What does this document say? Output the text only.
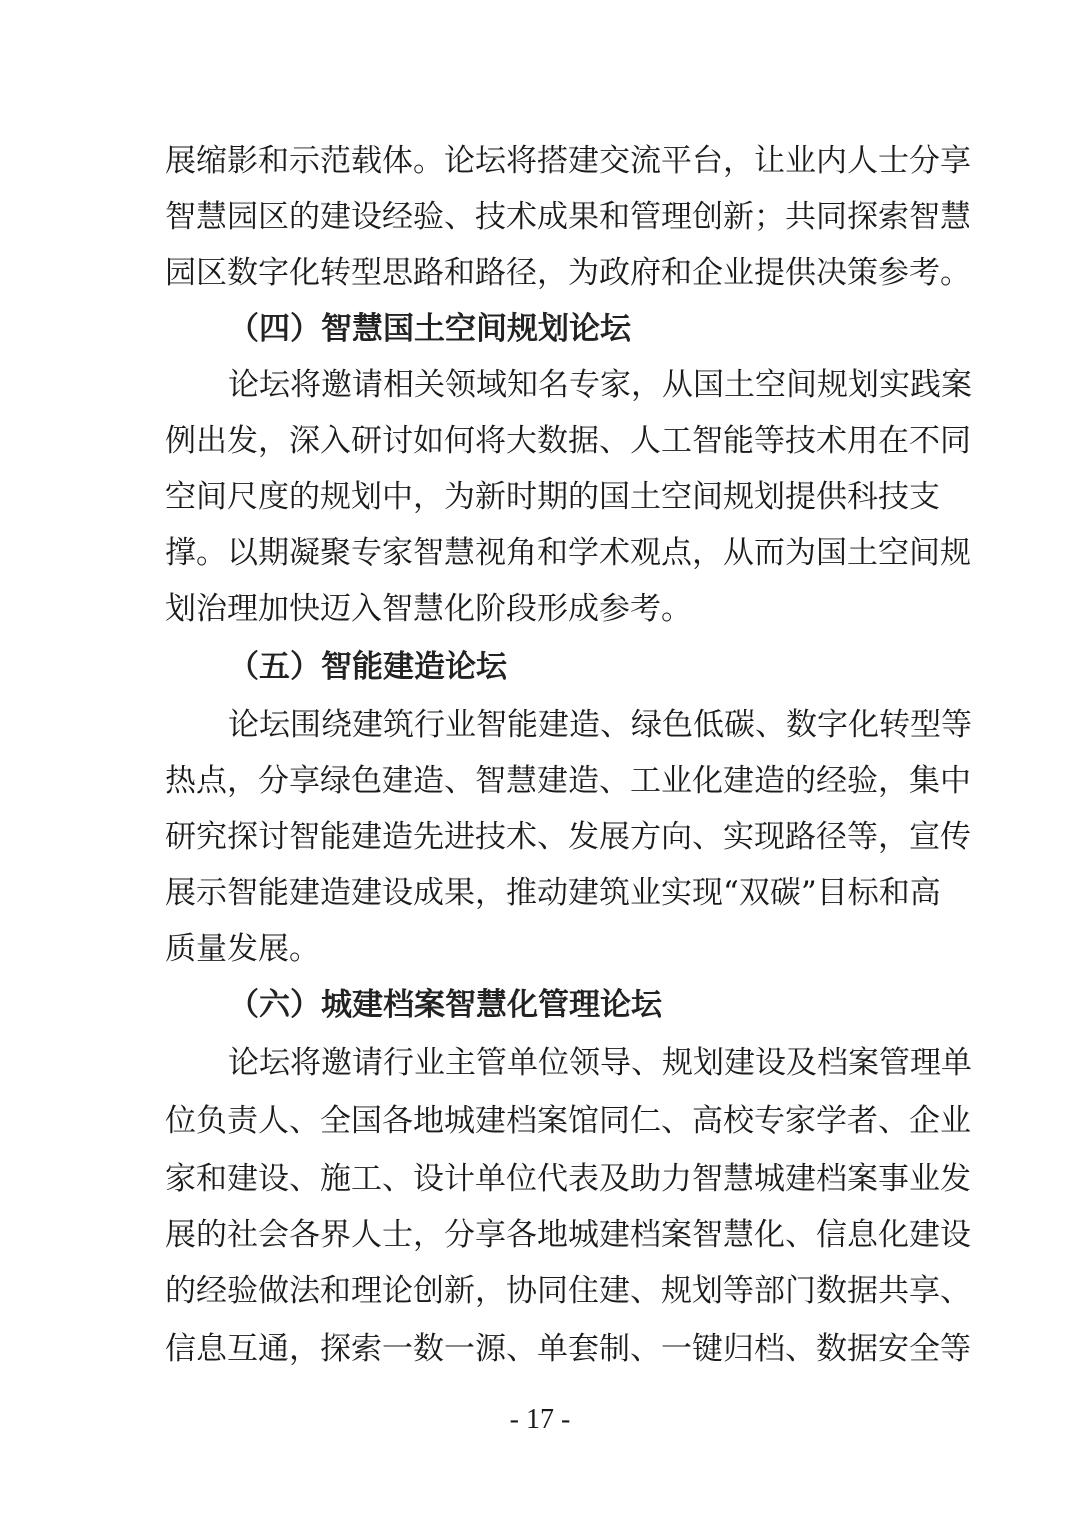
展缩影和示范载体。论坛将搭建交流平台，让业内人士分享
智慧园区的建设经验、技术成果和管理创新；共同探索智慧
园区数字化转型思路和路径，为政府和企业提供决策参考。
（四）智慧国土空间规划论坛
论坛将邀请相关领域知名专家，从国土空间规划实践案
例出发，深入研讨如何将大数据、人工智能等技术用在不同
空间尺度的规划中，为新时期的国土空间规划提供科技支
撑。以期凝聚专家智慧视角和学术观点，从而为国土空间规
划治理加快迈入智慧化阶段形成参考。
（五）智能建造论坛
论坛围绕建筑行业智能建造、绿色低碳、数字化转型等
热点，分享绿色建造、智慧建造、工业化建造的经验，集中
研究探讨智能建造先进技术、发展方向、实现路径等，宣传
展示智能建造建设成果，推动建筑业实现“双碳”目标和高
质量发展。
（六）城建档案智慧化管理论坛
论坛将邀请行业主管单位领导、规划建设及档案管理单
位负责人、全国各地城建档案馆同仁、高校专家学者、企业
家和建设、施工、设计单位代表及助力智慧城建档案事业发
展的社会各界人士，分享各地城建档案智慧化、信息化建设
的经验做法和理论创新，协同住建、规划等部门数据共享、
信息互通，探索一数一源、单套制、一键归档、数据安全等
- 17 -
